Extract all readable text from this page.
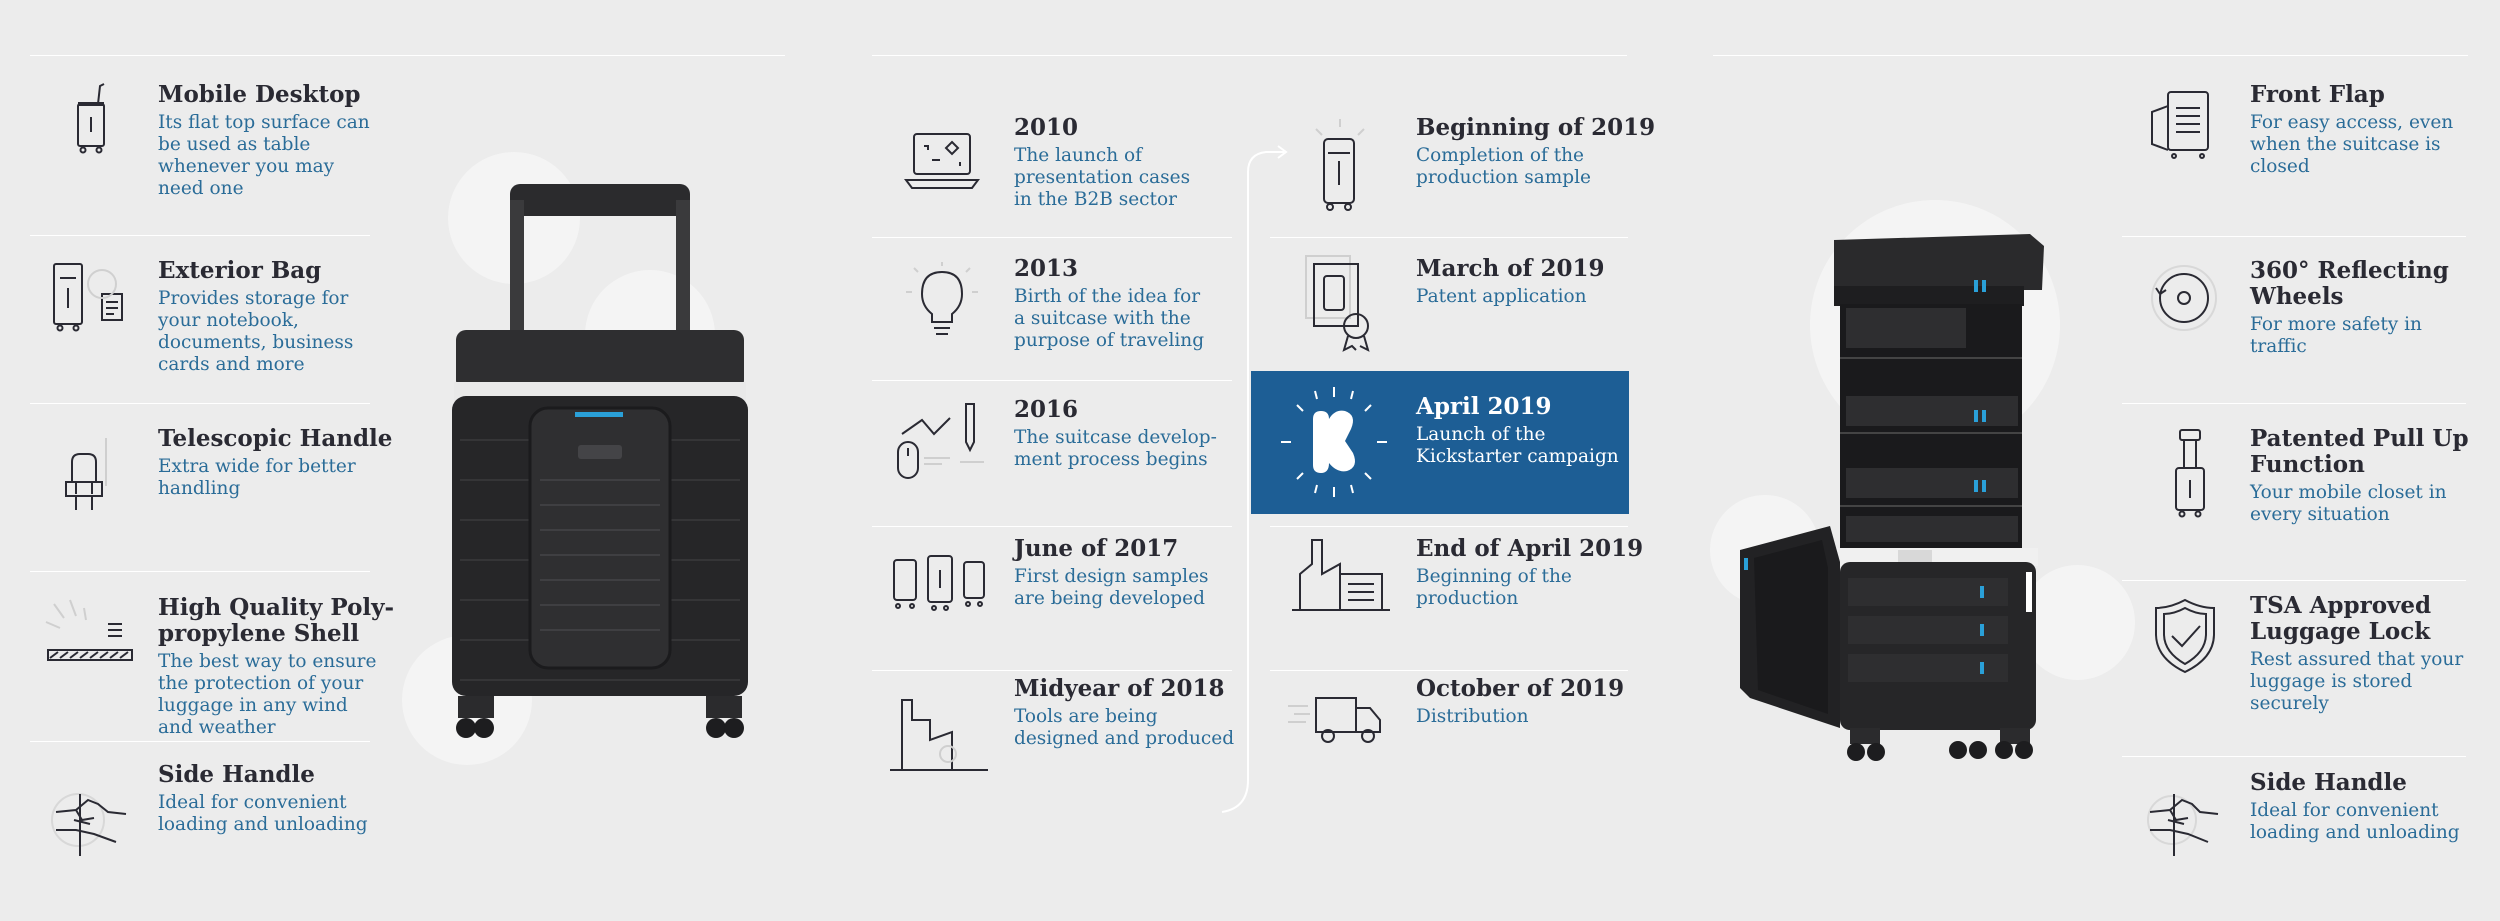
Mobile Desktop
Its flat top surface can
be used as table
whenever you may
need one
Exterior Bag
Provides storage for
your notebook,
documents, business
cards and more
Telescopic Handle
Extra wide for better
handling
High Quality Poly-
propylene Shell
The best way to ensure
the protection of your
luggage in any wind
and weather
Side Handle
Ideal for convenient
loading and unloading
2010
The launch of
presentation cases
in the B2B sector
2013
Birth of the idea for
a suitcase with the
purpose of traveling
2016
The suitcase develop-
ment process begins
June of 2017
First design samples
are being developed
Midyear of 2018
Tools are being
designed and produced
Beginning of 2019
Completion of the
production sample
March of 2019
Patent application
April 2019
Launch of the
Kickstarter campaign
End of April 2019
Beginning of the
production
October of 2019
Distribution
Front Flap
For easy access, even
when the suitcase is
closed
360° Reflecting
Wheels
For more safety in
traffic
Patented Pull Up
Function
Your mobile closet in
every situation
TSA Approved
Luggage Lock
Rest assured that your
luggage is stored
securely
Side Handle
Ideal for convenient
loading and unloading
